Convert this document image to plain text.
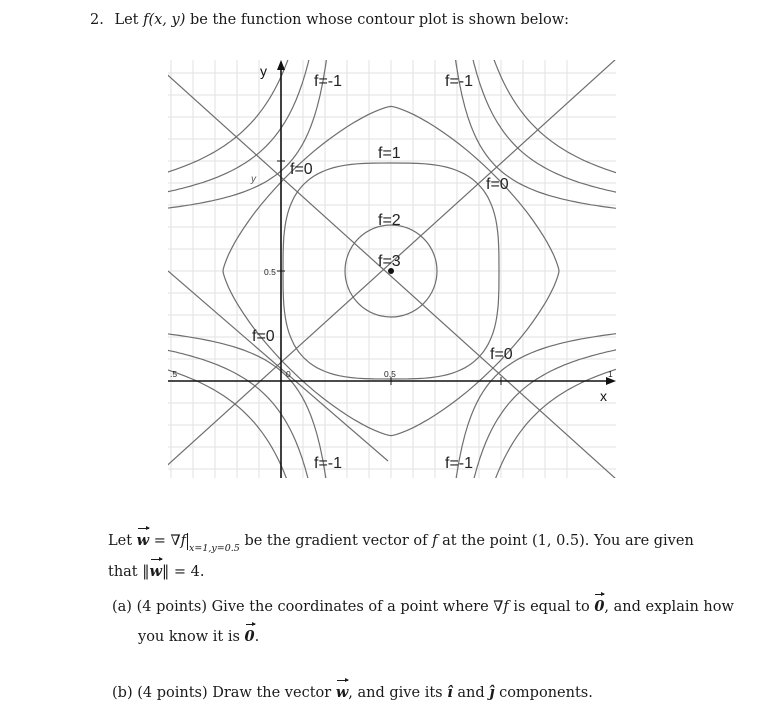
2. Let f(x, y) be the function whose contour plot is shown below:
0.5
0	0.5	1
.5
x
y
y
f=-1	f=-1
f=0
f=0
f=0
f=0
f=-1	f=-1
f=1
f=2
f=3
Let w = ∇f $_{x=1,y=0.5}$ be the gradient vector of f at the point (1, 0.5). You are given
that ‖w‖ = 4.
(a) (4 points) Give the coordinates of a point where ∇f is equal to 0, and explain how
you know it is 0.
(b) (4 points) Draw the vector w, and give its î and ĵ components.
